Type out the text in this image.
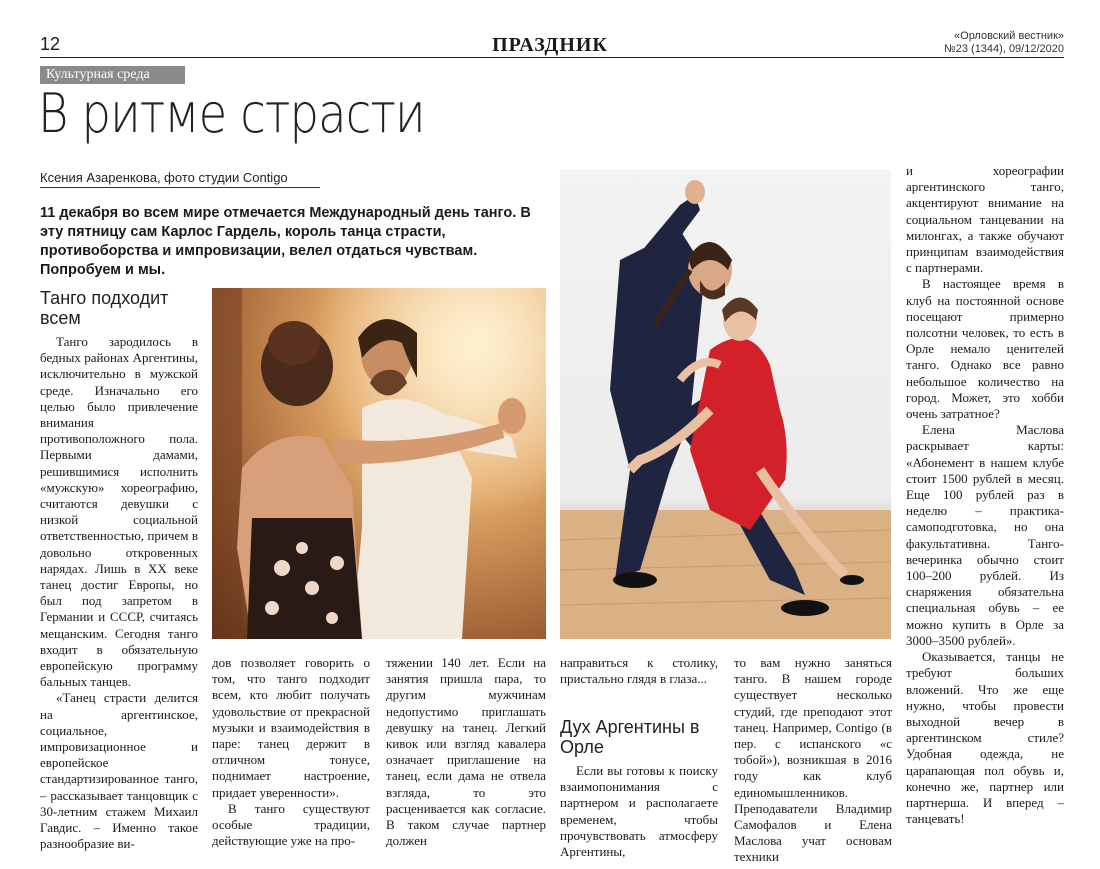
12	ПРАЗДНИК	«Орловский вестник»
№23 (1344), 09/12/2020
Культурная среда
В ритме страсти
Ксения Азаренкова, фото студии Contigo
11 декабря во всем мире отмечается Международный день танго. В эту пятницу сам Карлос Гардель, король танца страсти, противоборства и импровизации, велел отдаться чувствам. Попробуем и мы.
Танго подходит всем

Танго зародилось в бедных районах Аргентины, исключительно в мужской среде. Изначально его целью было привлечение внимания противоположного пола. Первыми дамами, решившимися исполнить «мужскую» хореографию, считаются девушки с низкой социальной ответственностью, причем в довольно откровенных нарядах. Лишь в XX веке танец достиг Европы, но был под запретом в Германии и СССР, считаясь мещанским. Сегодня танго входит в обязательную европейскую программу бальных танцев.

«Танец страсти делится на аргентинское, социальное, импровизационное и европейское стандартизированное танго, – рассказывает танцовщик с 30-летним стажем Михаил Гавдис. – Именно такое разнообразие ви-

дов позволяет говорить о том, что танго подходит всем, кто любит получать удовольствие от прекрасной музыки и взаимодействия в паре: танец держит в отличном тонусе, поднимает настроение, придает уверенности».

В танго существуют особые традиции, действующие уже на про-

тяжении 140 лет. Если на занятия пришла пара, то другим мужчинам недопустимо приглашать девушку на танец. Легкий кивок или взгляд кавалера означает приглашение на танец, если дама не отвела взгляда, то это расценивается как согласие. В таком случае партнер должен

направиться к столику, пристально глядя в глаза...

Дух Аргентины в Орле

Если вы готовы к поиску взаимопонимания с партнером и располагаете временем, чтобы прочувствовать атмосферу Аргентины,

то вам нужно заняться танго. В нашем городе существует несколько студий, где преподают этот танец. Например, Contigo (в пер. с испанского «с тобой»), возникшая в 2016 году как клуб единомышленников. Преподаватели Владимир Самофалов и Елена Маслова учат основам техники

и хореографии аргентинского танго, акцентируют внимание на социальном танцевании на милонгах, а также обучают принципам взаимодействия с партнерами.

В настоящее время в клуб на постоянной основе посещают примерно полсотни человек, то есть в Орле немало ценителей танго. Однако все равно небольшое количество на город. Может, это хобби очень затратное?

Елена Маслова раскрывает карты: «Абонемент в нашем клубе стоит 1500 рублей в месяц. Еще 100 рублей раз в неделю – практика-самоподготовка, но она факультативна. Танго-вечеринка обычно стоит 100–200 рублей. Из снаряжения обязательна специальная обувь – ее можно купить в Орле за 3000–3500 рублей».

Оказывается, танцы не требуют больших вложений. Что же еще нужно, чтобы провести выходной вечер в аргентинском стиле? Удобная одежда, не царапающая пол обувь и, конечно же, партнер или партнерша. И вперед – танцевать!
